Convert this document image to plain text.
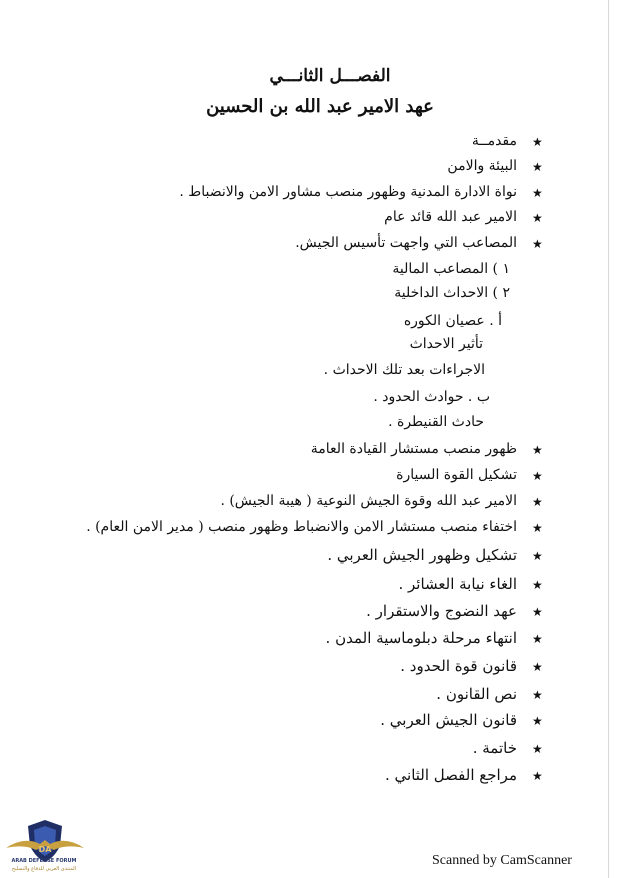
الفصـــل الثانـــي
عهد الامير عبد الله بن الحسين
★
مقدمــة
★
البيئة والامن
★
نواة الادارة المدنية وظهور منصب مشاور الامن والانضباط .
★
الامير عبد الله قائد عام
★
المصاعب التي واجهت تأسيس الجيش.
١ ) المصاعب المالية
٢ ) الاحداث الداخلية
أ . عصيان الكوره
تأثير الاحداث
الاجراءات بعد تلك الاحداث .
ب . حوادث الحدود .
حادث القنيطرة .
★
ظهور منصب مستشار القيادة العامة
★
تشكيل القوة السيارة
★
الامير عبد الله وقوة الجيش النوعية ( هيبة الجيش) .
★
اختفاء منصب مستشار الامن والانضباط وظهور منصب ( مدير الامن العام) .
★
تشكيل وظهور الجيش العربي .
★
الغاء نيابة العشائر .
★
عهد النضوج والاستقرار .
★
انتهاء مرحلة دبلوماسية المدن .
★
قانون قوة الحدود .
★
نص القانون .
★
قانون الجيش العربي .
★
خاتمة .
★
مراجع الفصل الثاني .
DA
ARAB DEFENSE FORUM
المنتدى العربي للدفاع والتسليح
Scanned by CamScanner
